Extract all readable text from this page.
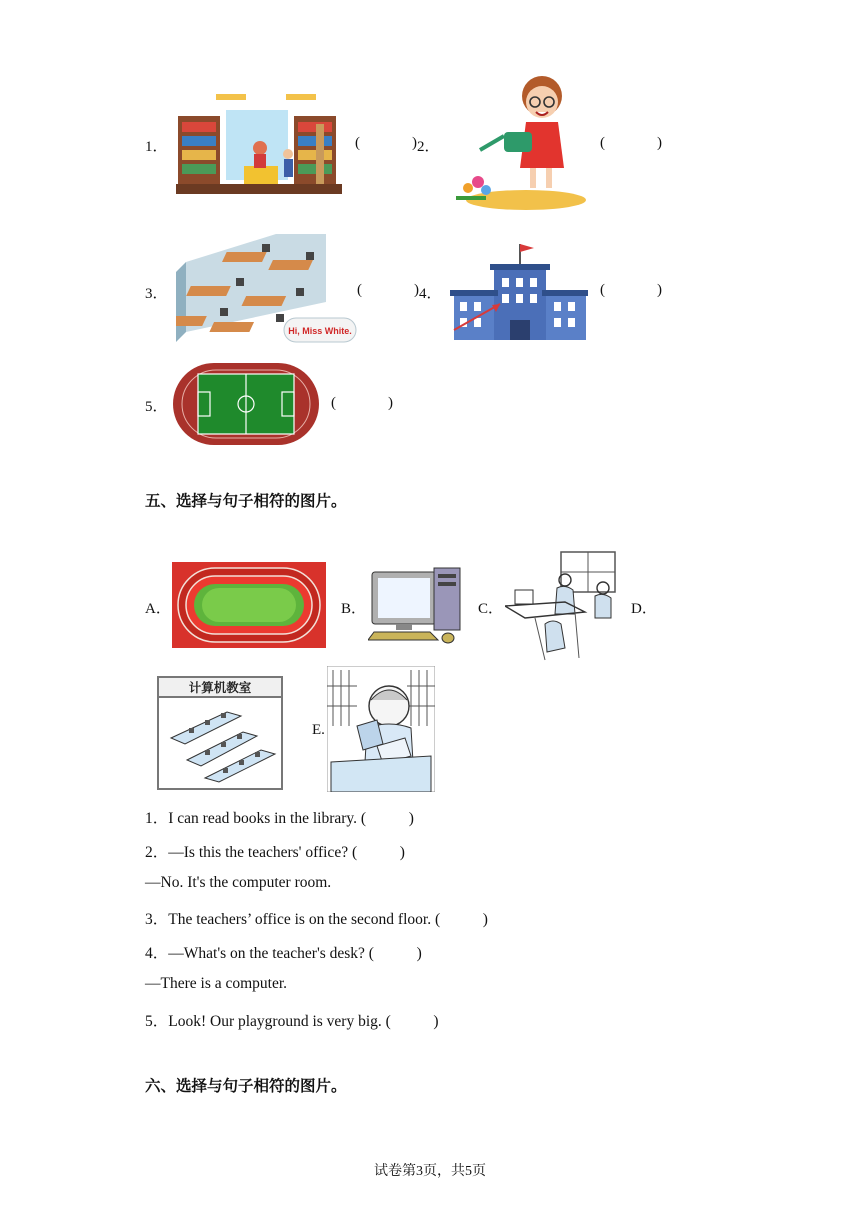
1．	(	) 2．	(	)
3．
Hi, Miss White.
(	) 4．	(	)
5．	(	)
五、选择与句子相符的图片。
A．	B．	C．	D．
计算机教室
E.
1．I can read books in the library. (           )
2．—Is this the teachers' office? (           )
—No. It's the computer room.
3．The teachers’ office is on the second floor. (           )
4．—What's on the teacher's desk? (           )
—There is a computer.
5．Look! Our playground is very big. (           )
六、选择与句子相符的图片。
试卷第3页，共5页
